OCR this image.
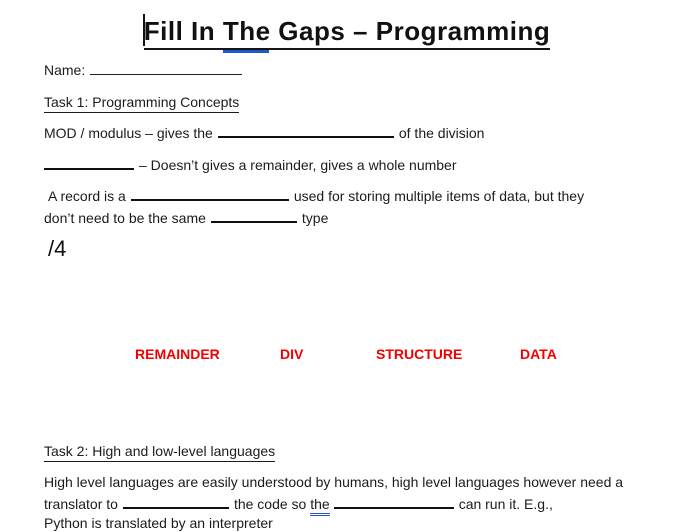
Fill In The
Gaps – Programming
Name:
Task 1: Programming Concepts
MOD / modulus – gives the	of the division
– Doesn’t gives a remainder, gives a whole number
A record is a	used for storing multiple items of data, but they
don’t need to be the same	type
/4
REMAINDER	DIV	STRUCTURE	DATA
Task 2: High and low-level languages
High level languages are easily understood by humans, high level languages however need a
translator to	the code so the	can run it. E.g.,
Python is translated by an interpreter
